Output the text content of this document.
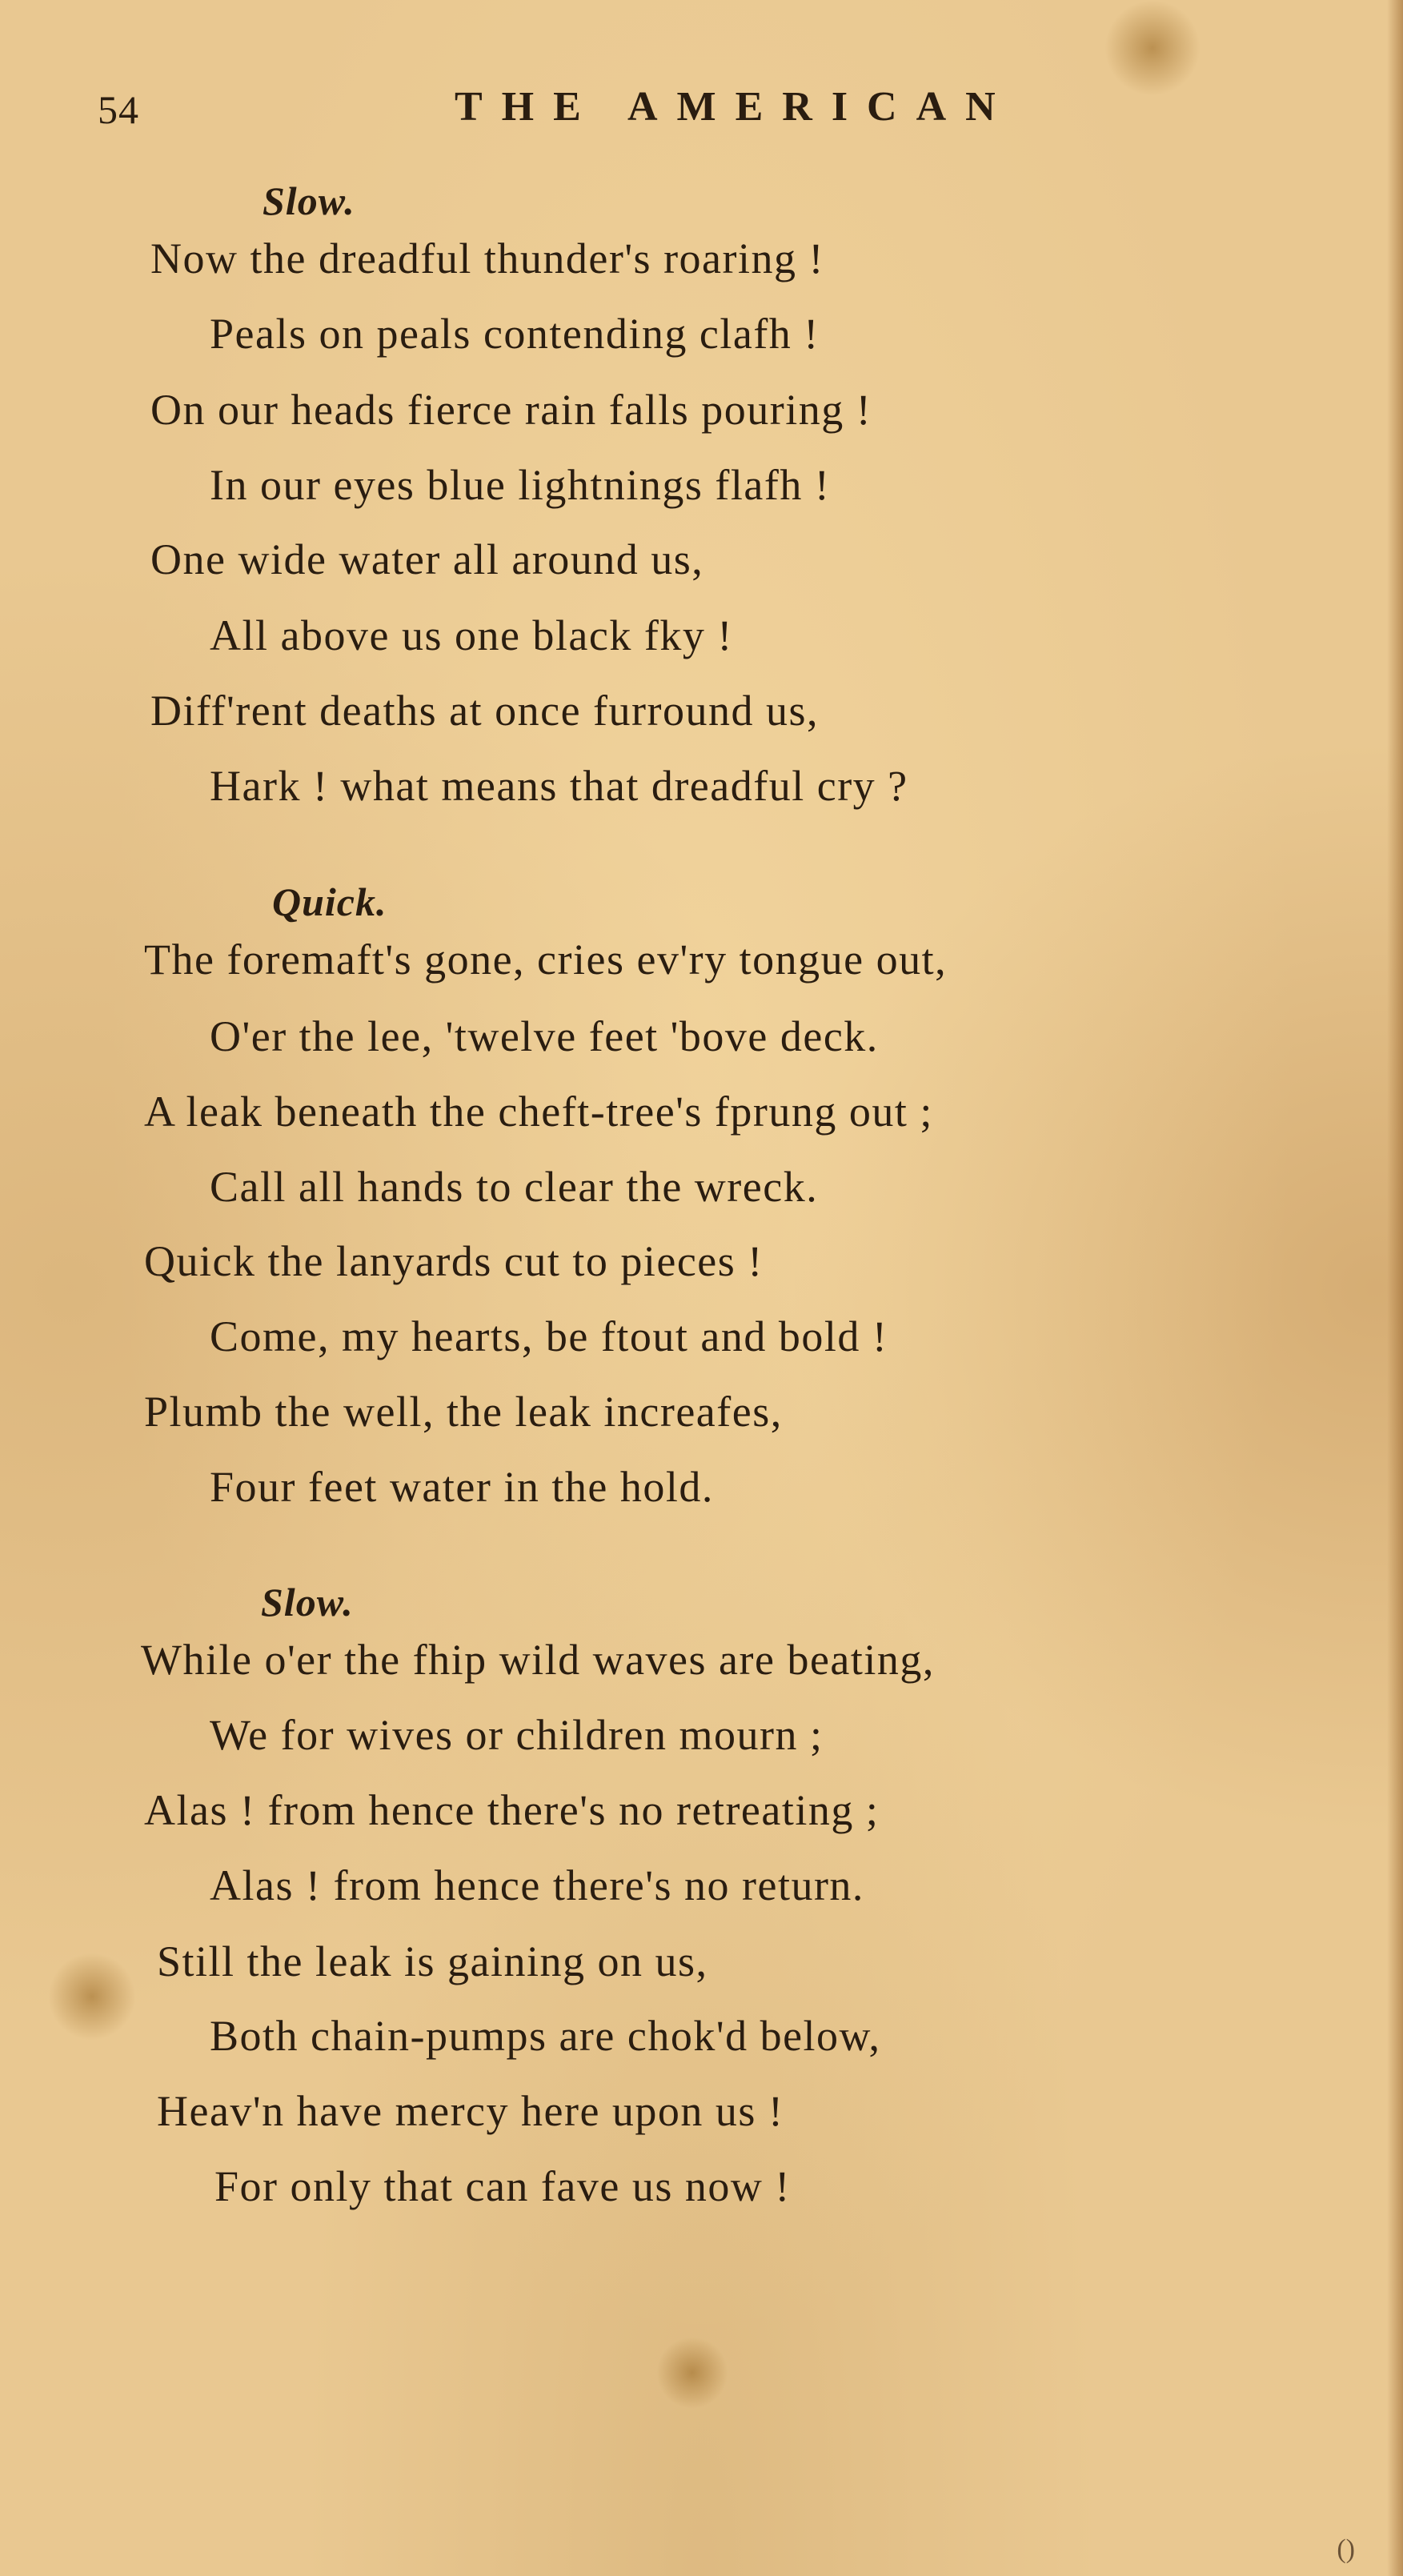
54	THE AMERICAN
Slow.
Now the dreadful thunder's roaring !
Peals on peals contending clafh !
On our heads fierce rain falls pouring !
In our eyes blue lightnings flafh !
One wide water all around us,
All above us one black fky !
Diff'rent deaths at once furround us,
Hark ! what means that dreadful cry ?
Quick.
The foremaft's gone, cries ev'ry tongue out,
O'er the lee, 'twelve feet 'bove deck.
A leak beneath the cheft-tree's fprung out ;
Call all hands to clear the wreck.
Quick the lanyards cut to pieces !
Come, my hearts, be ftout and bold !
Plumb the well, the leak increafes,
Four feet water in the hold.
Slow.
While o'er the fhip wild waves are beating,
We for wives or children mourn ;
Alas ! from hence there's no retreating ;
Alas ! from hence there's no return.
Still the leak is gaining on us,
Both chain-pumps are chok'd below,
Heav'n have mercy here upon us !
For only that can fave us now !
()
